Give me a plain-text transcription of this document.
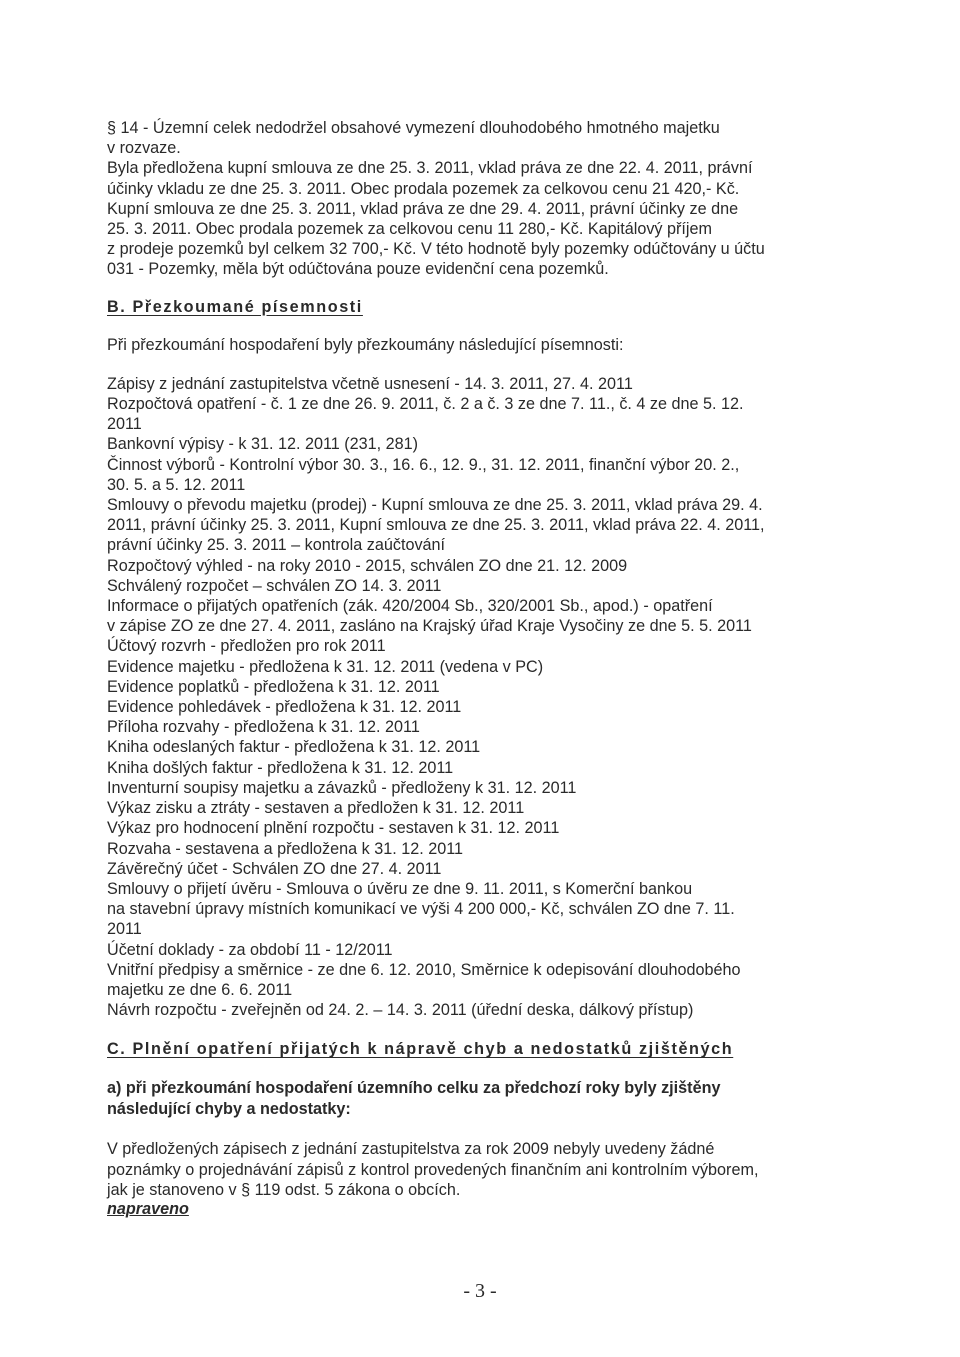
§ 14 - Územní celek nedodržel obsahové vymezení dlouhodobého hmotného majetku
v rozvaze.
Byla předložena kupní smlouva ze dne 25. 3. 2011, vklad práva ze dne 22. 4. 2011, právní
účinky vkladu ze dne 25. 3. 2011. Obec prodala pozemek za celkovou cenu 21 420,- Kč.
Kupní smlouva ze dne 25. 3. 2011, vklad práva ze dne 29. 4. 2011, právní účinky ze dne
25. 3. 2011. Obec prodala pozemek za celkovou cenu 11 280,- Kč. Kapitálový příjem
z prodeje pozemků byl celkem 32 700,- Kč. V této hodnotě byly pozemky odúčtovány u účtu
031 - Pozemky, měla být odúčtována pouze evidenční cena pozemků.

B. Přezkoumané písemnosti

Při přezkoumání hospodaření byly přezkoumány následující písemnosti:

Zápisy z jednání zastupitelstva včetně usnesení - 14. 3. 2011, 27. 4. 2011
Rozpočtová opatření - č. 1 ze dne 26. 9. 2011, č. 2 a č. 3 ze dne 7. 11., č. 4 ze dne 5. 12.
2011
Bankovní výpisy - k 31. 12. 2011 (231, 281)
Činnost výborů - Kontrolní výbor 30. 3., 16. 6., 12. 9., 31. 12. 2011, finanční výbor 20. 2.,
30. 5. a 5. 12. 2011
Smlouvy o převodu majetku (prodej) - Kupní smlouva ze dne 25. 3. 2011, vklad práva 29. 4.
2011, právní účinky 25. 3. 2011, Kupní smlouva ze dne 25. 3. 2011, vklad práva 22. 4. 2011,
právní účinky 25. 3. 2011 – kontrola zaúčtování
Rozpočtový výhled - na roky 2010 - 2015, schválen ZO dne 21. 12. 2009
Schválený rozpočet – schválen ZO 14. 3. 2011
Informace o přijatých opatřeních (zák. 420/2004 Sb., 320/2001 Sb., apod.) - opatření
v zápise ZO ze dne 27. 4. 2011, zasláno na Krajský úřad Kraje Vysočiny ze dne 5. 5. 2011
Účtový rozvrh - předložen pro rok 2011
Evidence majetku - předložena k 31. 12. 2011 (vedena v PC)
Evidence poplatků - předložena k 31. 12. 2011
Evidence pohledávek - předložena k 31. 12. 2011
Příloha rozvahy - předložena k 31. 12. 2011
Kniha odeslaných faktur - předložena k 31. 12. 2011
Kniha došlých faktur - předložena k 31. 12. 2011
Inventurní soupisy majetku a závazků - předloženy k 31. 12. 2011
Výkaz zisku a ztráty - sestaven a předložen k 31. 12. 2011
Výkaz pro hodnocení plnění rozpočtu - sestaven k 31. 12. 2011
Rozvaha - sestavena a předložena k 31. 12. 2011
Závěrečný účet - Schválen ZO dne 27. 4. 2011
Smlouvy o přijetí úvěru - Smlouva o úvěru ze dne 9. 11. 2011, s Komerční bankou
na stavební úpravy místních komunikací ve výši 4 200 000,- Kč, schválen ZO dne 7. 11.
2011
Účetní doklady - za období 11 - 12/2011
Vnitřní předpisy a směrnice - ze dne 6. 12. 2010, Směrnice k odepisování dlouhodobého
majetku ze dne 6. 6. 2011
Návrh rozpočtu - zveřejněn od 24. 2. – 14. 3. 2011 (úřední deska, dálkový přístup)

C. Plnění opatření přijatých k nápravě chyb a nedostatků zjištěných

a) při přezkoumání hospodaření územního celku za předchozí roky byly zjištěny
následující chyby a nedostatky:
V předložených zápisech z jednání zastupitelstva za rok 2009 nebyly uvedeny žádné
poznámky o projednávání zápisů z kontrol provedených finančním ani kontrolním výborem,
jak je stanoveno v § 119 odst. 5 zákona o obcích.
napraveno
- 3 -
